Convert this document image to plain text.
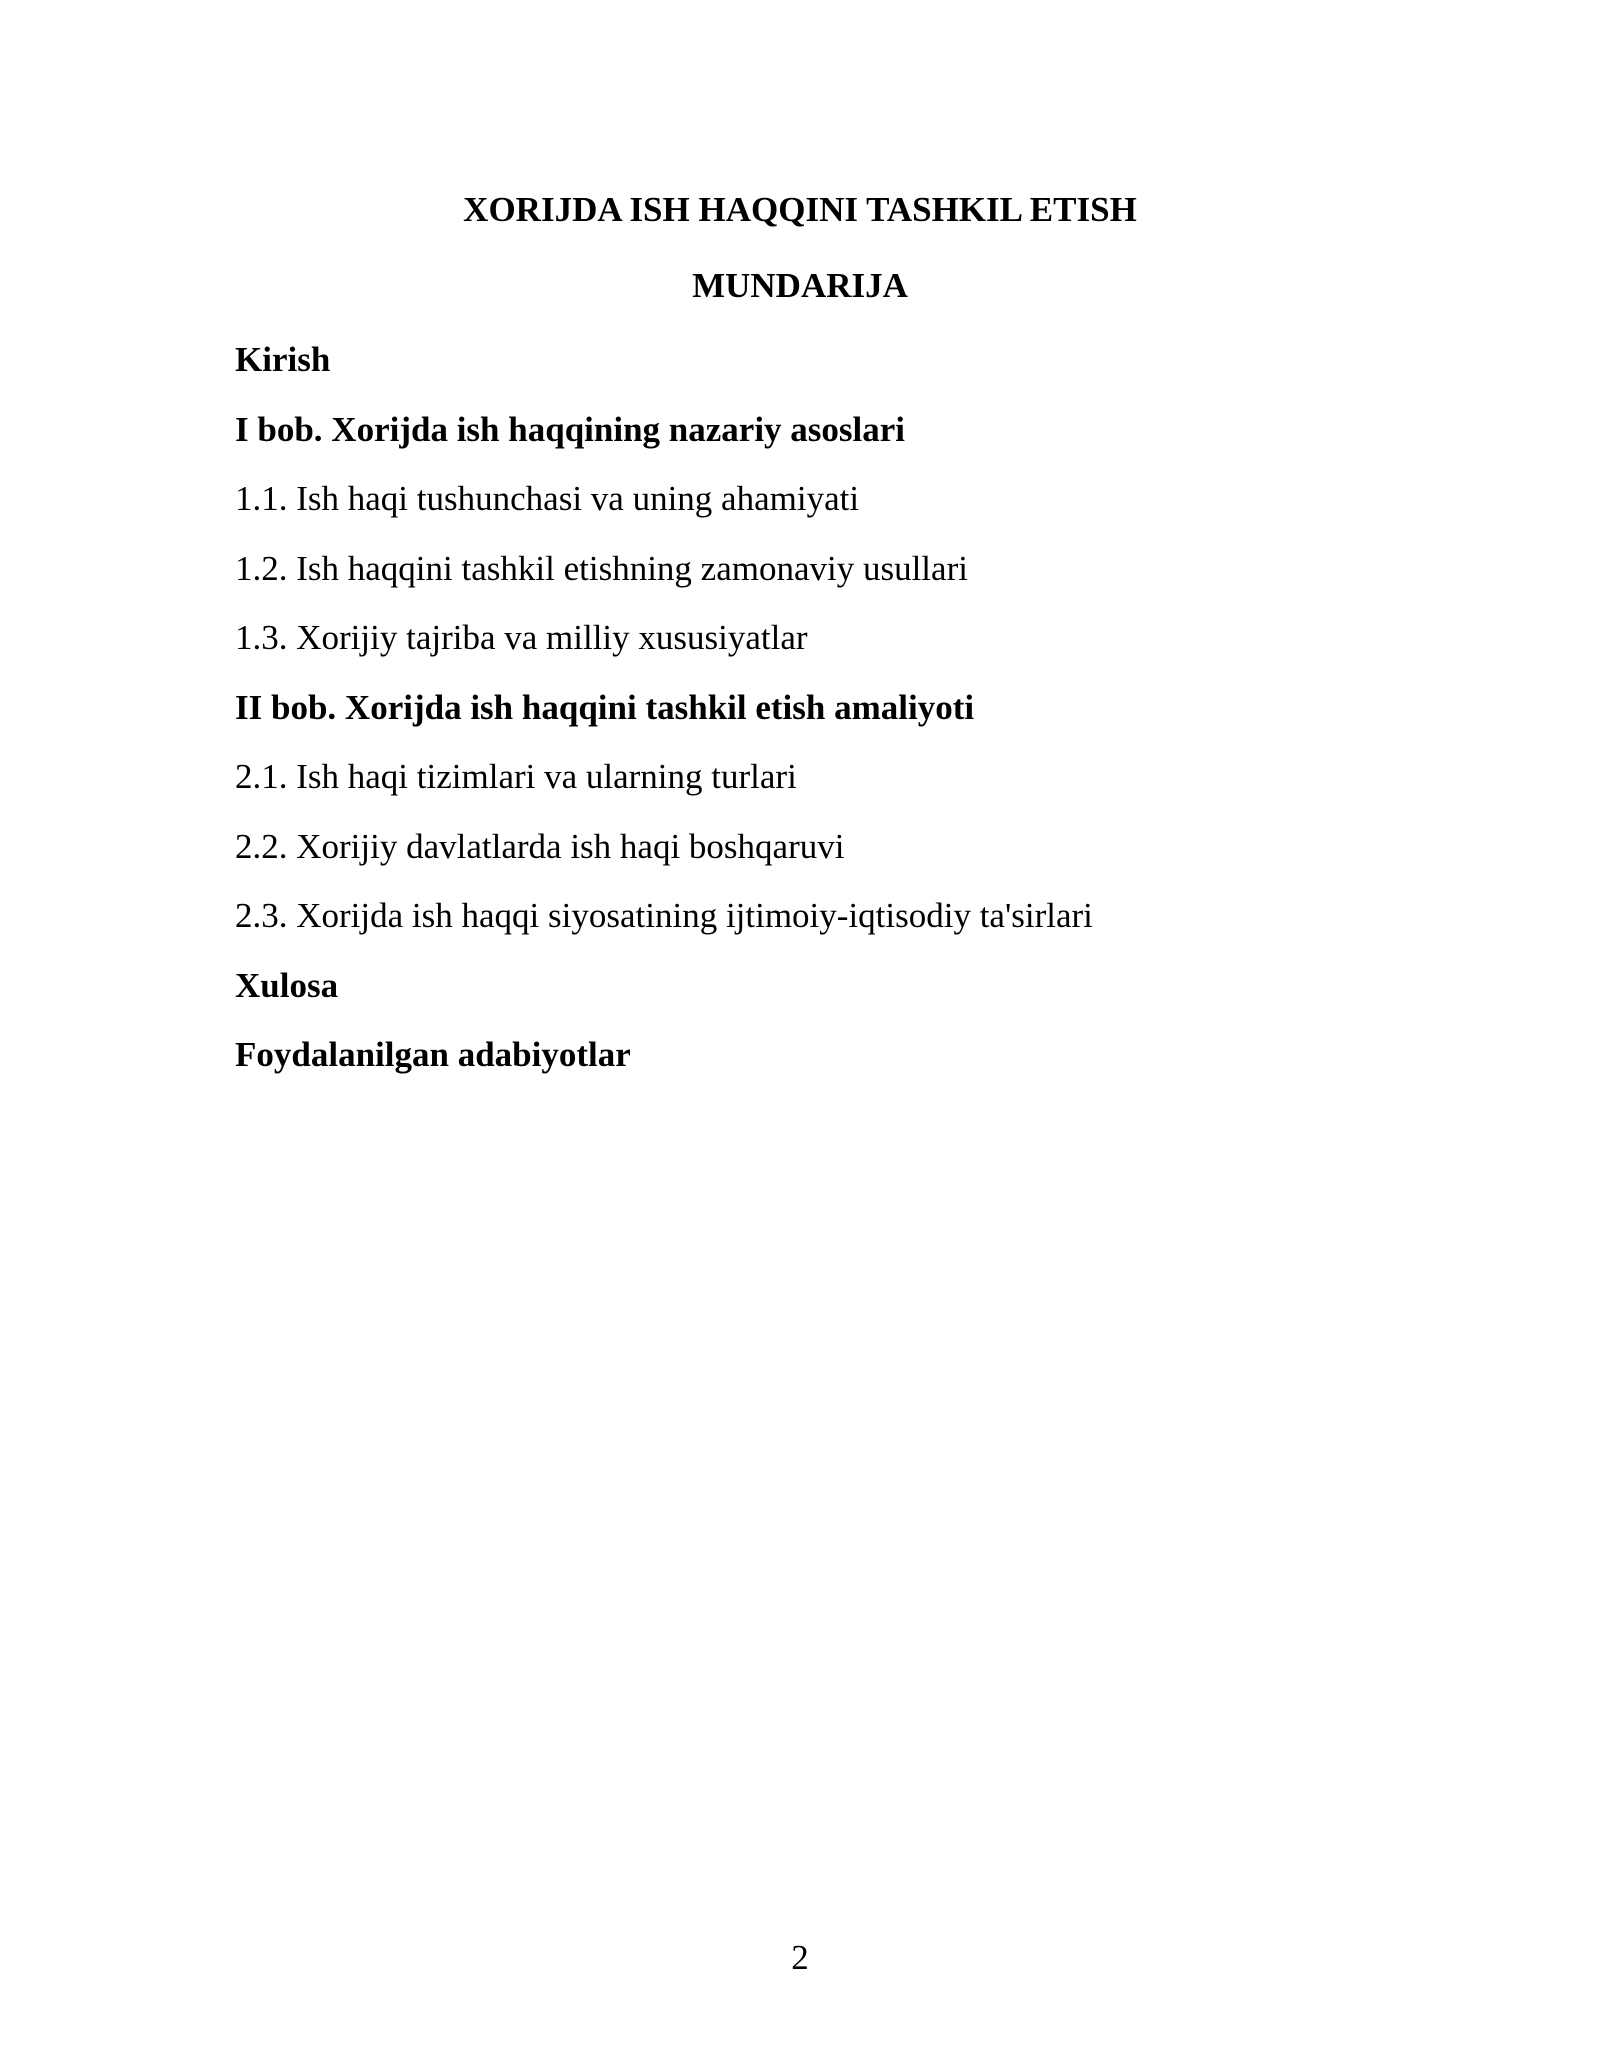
XORIJDA ISH HAQQINI TASHKIL ETISH
MUNDARIJA
Kirish
I bob. Xorijda ish haqqining nazariy asoslari
1.1. Ish haqi tushunchasi va uning ahamiyati
1.2. Ish haqqini tashkil etishning zamonaviy usullari
1.3. Xorijiy tajriba va milliy xususiyatlar
II bob. Xorijda ish haqqini tashkil etish amaliyoti
2.1. Ish haqi tizimlari va ularning turlari
2.2. Xorijiy davlatlarda ish haqi boshqaruvi
2.3. Xorijda ish haqqi siyosatining ijtimoiy-iqtisodiy ta'sirlari
Xulosa
Foydalanilgan adabiyotlar
2
